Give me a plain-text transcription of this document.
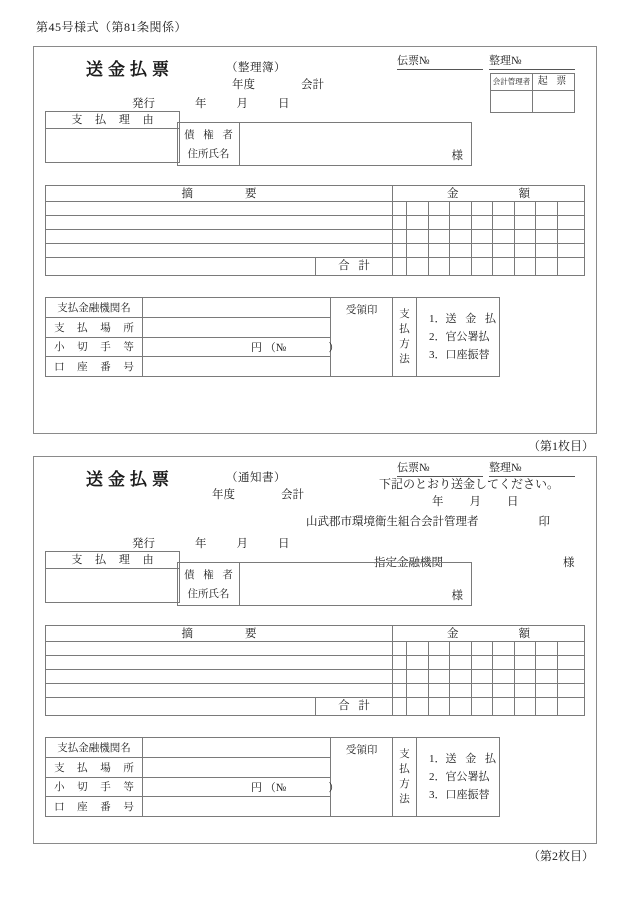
第45号様式（第81条関係）
送金払票	（整理簿）
年度	会計
発行	年	月	日
伝票№	整理№
会計管理者 起 票
支 払 理 由
債 権 者
住所氏名	様
摘	要	金	額
合 計
支払金融機関名
支 払 場 所
小 切 手 等	円 （№	）
口 座 番 号
受領印	支
払
方
法
1．送 金 払
2．官公署払
3．口座振替
（第1枚目）
送金払票	（通知書）
年度	会計
伝票№	整理№
下記のとおり送金してください。
年 月 日
山武郡市環境衛生組合会計管理者	印
発行	年	月	日
指定金融機関	様
支 払 理 由
債 権 者
住所氏名	様
摘	要	金	額
合 計
支払金融機関名
支 払 場 所
小 切 手 等	円 （№	）
口 座 番 号
受領印	支
払
方
法
1．送 金 払
2．官公署払
3．口座振替
（第2枚目）
